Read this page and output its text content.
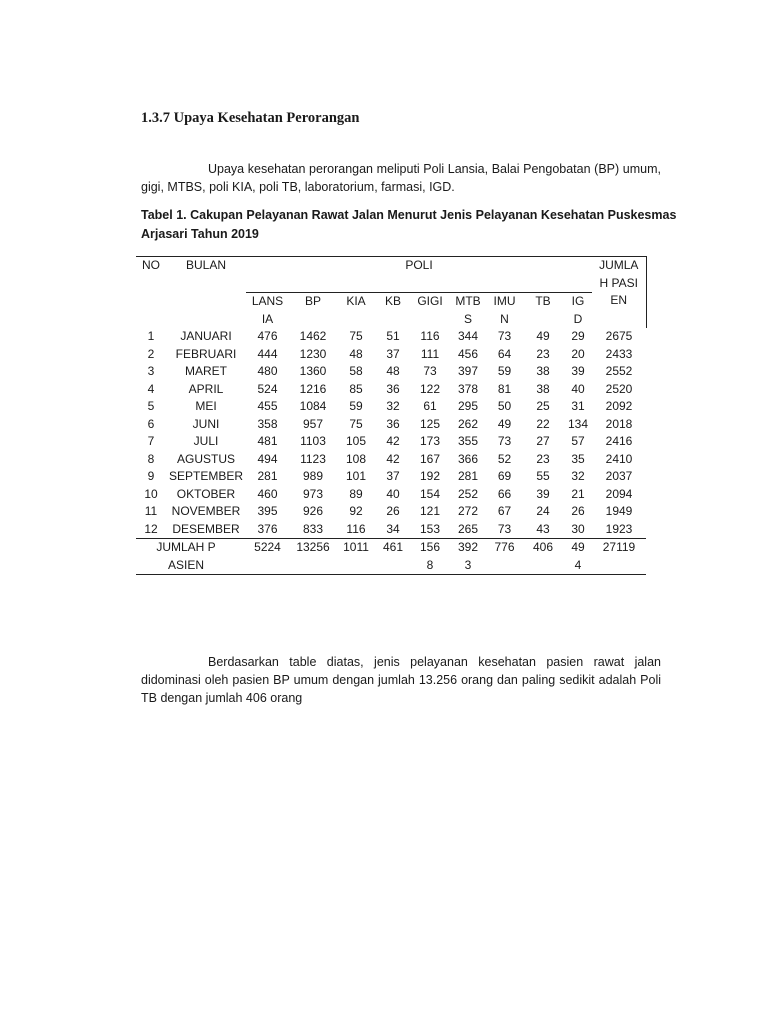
1.3.7 Upaya Kesehatan Perorangan

Upaya kesehatan perorangan meliputi Poli Lansia, Balai Pengobatan (BP) umum, gigi, MTBS, poli KIA, poli TB, laboratorium, farmasi, IGD.

Tabel 1. Cakupan Pelayanan Rawat Jalan Menurut Jenis Pelayanan Kesehatan Puskesmas Arjasari Tahun 2019

NO	BULAN	POLI									JUMLAH PASIEN
		LANSIA	BP	KIA	KB	GIGI	MTBS	IMUN	TB	IGD	
1	JANUARI	476	1462	75	51	116	344	73	49	29	2675
2	FEBRUARI	444	1230	48	37	111	456	64	23	20	2433
3	MARET	480	1360	58	48	73	397	59	38	39	2552
4	APRIL	524	1216	85	36	122	378	81	38	40	2520
5	MEI	455	1084	59	32	61	295	50	25	31	2092
6	JUNI	358	957	75	36	125	262	49	22	134	2018
7	JULI	481	1103	105	42	173	355	73	27	57	2416
8	AGUSTUS	494	1123	108	42	167	366	52	23	35	2410
9	SEPTEMBER	281	989	101	37	192	281	69	55	32	2037
10	OKTOBER	460	973	89	40	154	252	66	39	21	2094
11	NOVEMBER	395	926	92	26	121	272	67	24	26	1949
12	DESEMBER	376	833	116	34	153	265	73	43	30	1923
JUMLAH PASIEN		5224	13256	1011	461	1568	3923	776	406	494	27119

Berdasarkan table diatas, jenis pelayanan kesehatan pasien rawat jalan didominasi oleh pasien BP umum dengan jumlah 13.256 orang dan paling sedikit adalah Poli TB dengan jumlah 406 orang
